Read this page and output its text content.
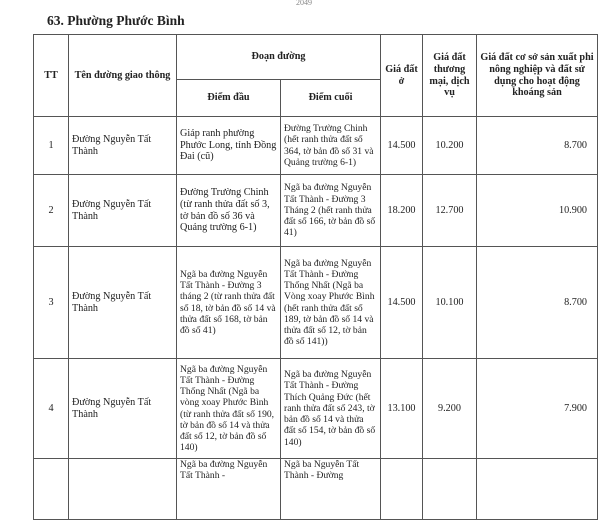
2049
63. Phường Phước Bình
TT	Tên đường giao thông	Đoạn đường		Giá đất ở	Giá đất thương mại, dịch vụ	Giá đất cơ sở sản xuất phi nông nghiệp và đất sử dụng cho hoạt động khoáng sản
		Điểm đầu	Điểm cuối			
1	Đường Nguyễn Tất Thành	Giáp ranh phường Phước Long, tỉnh Đồng Đai (cũ)	Đường Trường Chinh (hết ranh thửa đất số 364, tờ bản đồ số 31 và Quảng trường 6-1)	14.500	10.200	8.700
2	Đường Nguyễn Tất Thành	Đường Trường Chinh (từ ranh thửa đất số 3, tờ bản đồ số 36 và Quảng trường 6-1)	Ngã ba đường Nguyễn Tất Thành - Đường 3 Tháng 2 (hết ranh thửa đất số 166, tờ bản đồ số 41)	18.200	12.700	10.900
3	Đường Nguyễn Tất Thành	Ngã ba đường Nguyễn Tất Thành - Đường 3 tháng 2 (từ ranh thửa đất số 18, tờ bản đồ số 14 và thửa đất số 168, tờ bản đồ số 41)	Ngã ba đường Nguyễn Tất Thành - Đường Thống Nhất (Ngã ba Vòng xoay Phước Bình (hết ranh thửa đất số 189, tờ bản đồ số 14 và thửa đất số 12, tờ bản đồ số 141))	14.500	10.100	8.700
4	Đường Nguyễn Tất Thành	Ngã ba đường Nguyễn Tất Thành - Đường Thống Nhất (Ngã ba vòng xoay Phước Bình (từ ranh thửa đất số 190, tờ bản đồ số 14 và thửa đất số 12, tờ bản đồ số 140)	Ngã ba đường Nguyễn Tất Thành - Đường Thích Quảng Đức (hết ranh thửa đất số 243, tờ bản đồ số 14 và thửa đất số 154, tờ bản đồ số 140)	13.100	9.200	7.900
		Ngã ba đường Nguyễn Tất Thành -	Ngã ba Nguyễn Tất Thành - Đường			
